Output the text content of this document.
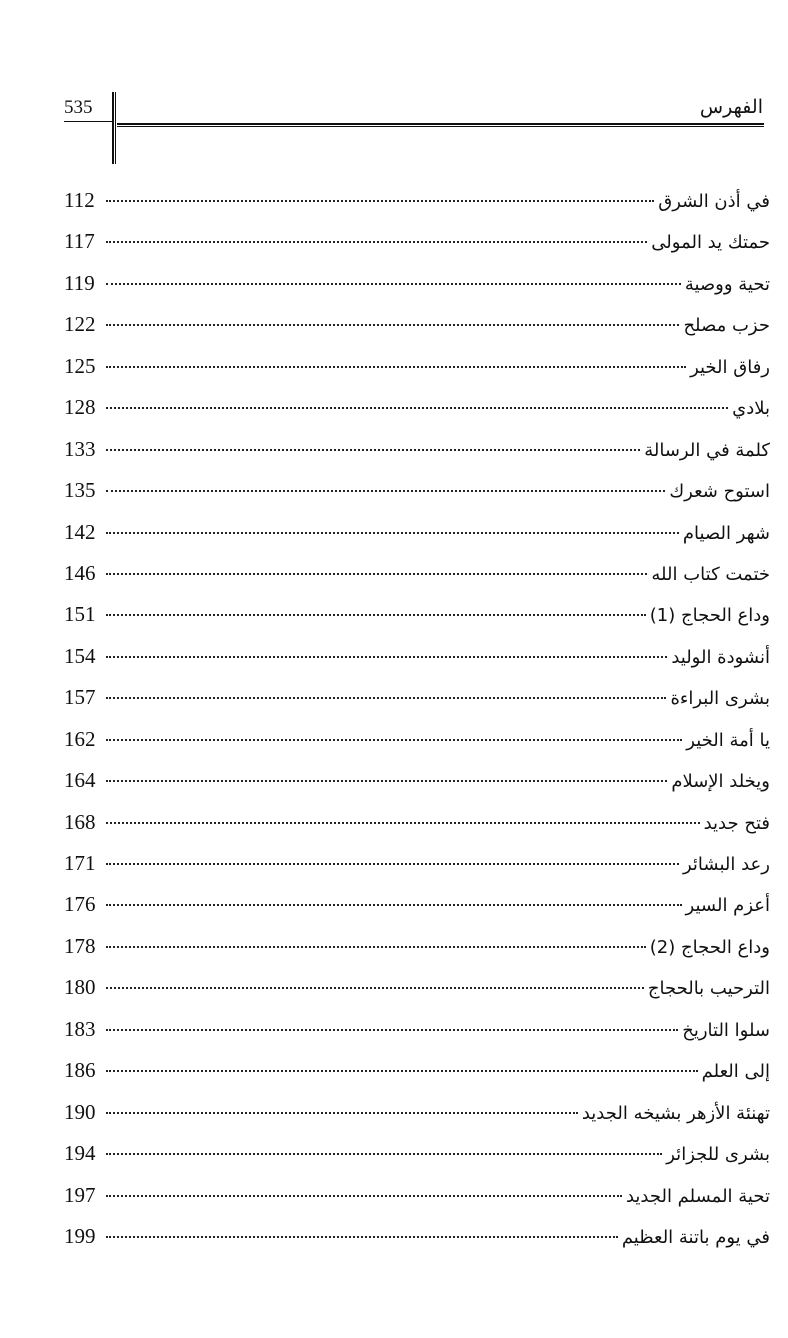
535	الفهرس
في أذن الشرق
112
حمتك يد المولى
117
تحية ووصية
119
حزب مصلح
122
رفاق الخير
125
بلادي
128
كلمة في الرسالة
133
استوح شعرك
135
شهر الصيام
142
ختمت كتاب الله
146
وداع الحجاج (1)
151
أنشودة الوليد
154
بشرى البراءة
157
يا أمة الخير
162
ويخلد الإسلام
164
فتح جديد
168
رعد البشائر
171
أعزم السير
176
وداع الحجاج (2)
178
الترحيب بالحجاج
180
سلوا التاريخ
183
إلى العلم
186
تهنئة الأزهر بشيخه الجديد
190
بشرى للجزائر
194
تحية المسلم الجديد
197
في يوم باتنة العظيم
199
